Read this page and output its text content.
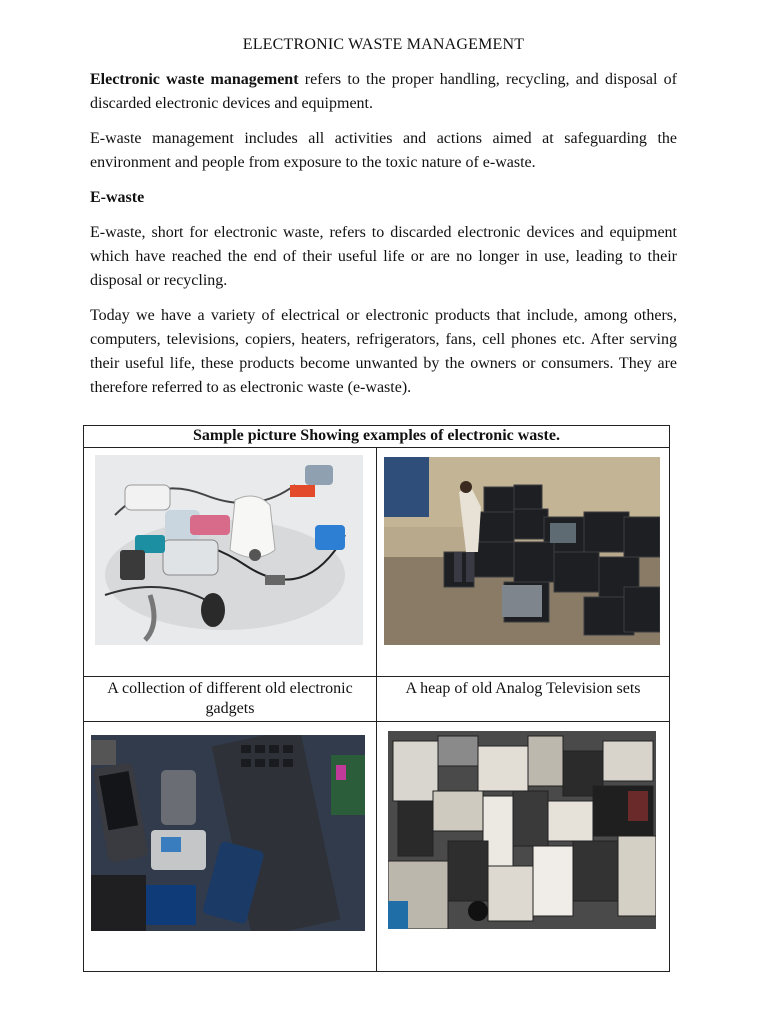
ELECTRONIC WASTE MANAGEMENT

Electronic waste management refers to the proper handling, recycling, and disposal of discarded electronic devices and equipment.

E-waste management includes all activities and actions aimed at safeguarding the environment and people from exposure to the toxic nature of e-waste.

E-waste

E-waste, short for electronic waste, refers to discarded electronic devices and equipment which have reached the end of their useful life or are no longer in use, leading to their disposal or recycling.

Today we have a variety of electrical or electronic products that include, among others, computers, televisions, copiers, heaters, refrigerators, fans, cell phones etc. After serving their useful life, these products become unwanted by the owners or consumers. They are therefore referred to as electronic waste (e-waste).

Sample picture Showing examples of electronic waste.	

A collection of different old electronic gadgets	A heap of old Analog Television sets
